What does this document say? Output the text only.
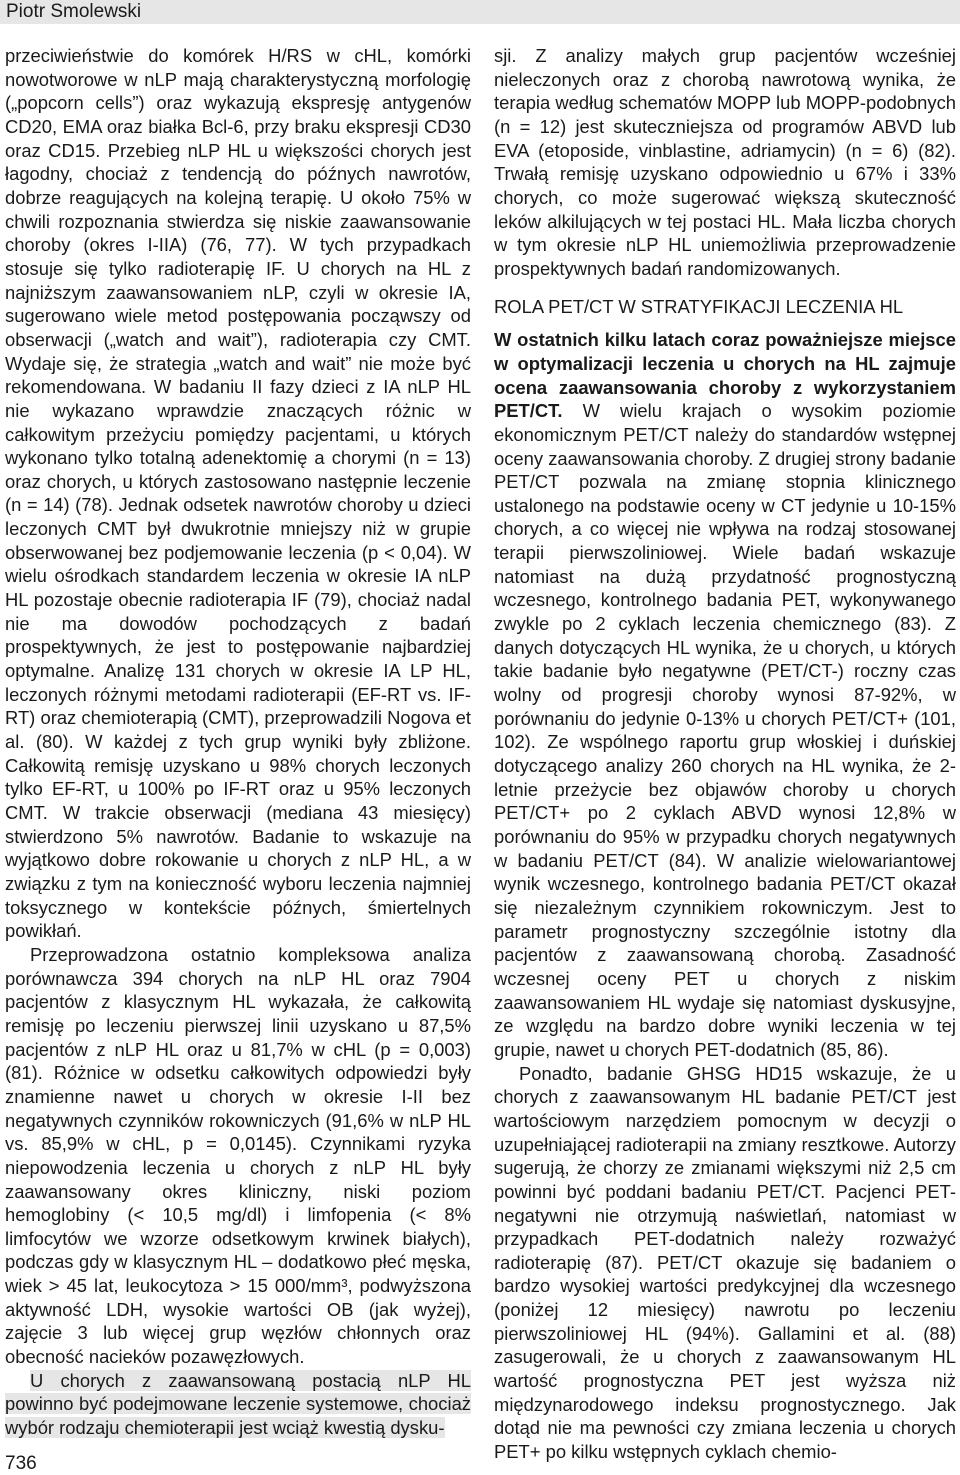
Piotr Smolewski

przeciwieństwie do komórek H/RS w cHL, komórki nowotworowe w nLP mają charakterystyczną morfologię („popcorn cells”) oraz wykazują ekspresję antygenów CD20, EMA oraz białka Bcl-6, przy braku ekspresji CD30 oraz CD15. Przebieg nLP HL u większości chorych jest łagodny, chociaż z tendencją do późnych nawrotów, dobrze reagujących na kolejną terapię. U około 75% w chwili rozpoznania stwierdza się niskie zaawansowanie choroby (okres I-IIA) (76, 77). W tych przypadkach stosuje się tylko radioterapię IF. U chorych na HL z najniższym zaawansowaniem nLP, czyli w okresie IA, sugerowano wiele metod postępowania począwszy od obserwacji („watch and wait”), radioterapia czy CMT. Wydaje się, że strategia „watch and wait” nie może być rekomendowana. W badaniu II fazy dzieci z IA nLP HL nie wykazano wprawdzie znaczących różnic w całkowitym przeżyciu pomiędzy pacjentami, u których wykonano tylko totalną adenektomię a chorymi (n = 13) oraz chorych, u których zastosowano następnie leczenie (n = 14) (78). Jednak odsetek nawrotów choroby u dzieci leczonych CMT był dwukrotnie mniejszy niż w grupie obserwowanej bez podjemowanie leczenia (p < 0,04). W wielu ośrodkach standardem leczenia w okresie IA nLP HL pozostaje obecnie radioterapia IF (79), chociaż nadal nie ma dowodów pochodzących z badań prospektywnych, że jest to postępowanie najbardziej optymalne. Analizę 131 chorych w okresie IA LP HL, leczonych różnymi metodami radioterapii (EF-RT vs. IF-RT) oraz chemioterapią (CMT), przeprowadzili Nogova et al. (80). W każdej z tych grup wyniki były zbliżone. Całkowitą remisję uzyskano u 98% chorych leczonych tylko EF-RT, u 100% po IF-RT oraz u 95% leczonych CMT. W trakcie obserwacji (mediana 43 miesięcy) stwierdzono 5% nawrotów. Badanie to wskazuje na wyjątkowo dobre rokowanie u chorych z nLP HL, a w związku z tym na konieczność wyboru leczenia najmniej toksycznego w kontekście późnych, śmiertelnych powikłań.

Przeprowadzona ostatnio kompleksowa analiza porównawcza 394 chorych na nLP HL oraz 7904 pacjentów z klasycznym HL wykazała, że całkowitą remisję po leczeniu pierwszej linii uzyskano u 87,5% pacjentów z nLP HL oraz u 81,7% w cHL (p = 0,003) (81). Różnice w odsetku całkowitych odpowiedzi były znamienne nawet u chorych w okresie I-II bez negatywnych czynników rokowniczych (91,6% w nLP HL vs. 85,9% w cHL, p = 0,0145). Czynnikami ryzyka niepowodzenia leczenia u chorych z nLP HL były zaawansowany okres kliniczny, niski poziom hemoglobiny (< 10,5 mg/dl) i limfopenia (< 8% limfocytów we wzorze odsetkowym krwinek białych), podczas gdy w klasycznym HL – dodatkowo płeć męska, wiek > 45 lat, leukocytoza > 15 000/mm³, podwyższona aktywność LDH, wysokie wartości OB (jak wyżej), zajęcie 3 lub więcej grup węzłów chłonnych oraz obecność nacieków pozawęzłowych.

U chorych z zaawansowaną postacią nLP HL powinno być podejmowane leczenie systemowe, chociaż wybór rodzaju chemioterapii jest wciąż kwestią dysku-

sji. Z analizy małych grup pacjentów wcześniej nieleczonych oraz z chorobą nawrotową wynika, że terapia według schematów MOPP lub MOPP-podobnych (n = 12) jest skuteczniejsza od programów ABVD lub EVA (etoposide, vinblastine, adriamycin) (n = 6) (82). Trwałą remisję uzyskano odpowiednio u 67% i 33% chorych, co może sugerować większą skuteczność leków alkilujących w tej postaci HL. Mała liczba chorych w tym okresie nLP HL uniemożliwia przeprowadzenie prospektywnych badań randomizowanych.

ROLA PET/CT W STRATYFIKACJI LECZENIA HL

W ostatnich kilku latach coraz poważniejsze miejsce w optymalizacji leczenia u chorych na HL zajmuje ocena zaawansowania choroby z wykorzystaniem PET/CT. W wielu krajach o wysokim poziomie ekonomicznym PET/CT należy do standardów wstępnej oceny zaawansowania choroby. Z drugiej strony badanie PET/CT pozwala na zmianę stopnia klinicznego ustalonego na podstawie oceny w CT jedynie u 10-15% chorych, a co więcej nie wpływa na rodzaj stosowanej terapii pierwszoliniowej. Wiele badań wskazuje natomiast na dużą przydatność prognostyczną wczesnego, kontrolnego badania PET, wykonywanego zwykle po 2 cyklach leczenia chemicznego (83). Z danych dotyczących HL wynika, że u chorych, u których takie badanie było negatywne (PET/CT-) roczny czas wolny od progresji choroby wynosi 87-92%, w porównaniu do jedynie 0-13% u chorych PET/CT+ (101, 102). Ze wspólnego raportu grup włoskiej i duńskiej dotyczącego analizy 260 chorych na HL wynika, że 2-letnie przeżycie bez objawów choroby u chorych PET/CT+ po 2 cyklach ABVD wynosi 12,8% w porównaniu do 95% w przypadku chorych negatywnych w badaniu PET/CT (84). W analizie wielowariantowej wynik wczesnego, kontrolnego badania PET/CT okazał się niezależnym czynnikiem rokowniczym. Jest to parametr prognostyczny szczególnie istotny dla pacjentów z zaawansowaną chorobą. Zasadność wczesnej oceny PET u chorych z niskim zaawansowaniem HL wydaje się natomiast dyskusyjne, ze względu na bardzo dobre wyniki leczenia w tej grupie, nawet u chorych PET-dodatnich (85, 86).

Ponadto, badanie GHSG HD15 wskazuje, że u chorych z zaawansowanym HL badanie PET/CT jest wartościowym narzędziem pomocnym w decyzji o uzupełniającej radioterapii na zmiany resztkowe. Autorzy sugerują, że chorzy ze zmianami większymi niż 2,5 cm powinni być poddani badaniu PET/CT. Pacjenci PET-negatywni nie otrzymują naświetlań, natomiast w przypadkach PET-dodatnich należy rozważyć radioterapię (87). PET/CT okazuje się badaniem o bardzo wysokiej wartości predykcyjnej dla wczesnego (poniżej 12 miesięcy) nawrotu po leczeniu pierwszoliniowej HL (94%). Gallamini et al. (88) zasugerowali, że u chorych z zaawansowanym HL wartość prognostyczna PET jest wyższa niż międzynarodowego indeksu prognostycznego. Jak dotąd nie ma pewności czy zmiana leczenia u chorych PET+ po kilku wstępnych cyklach chemio-

736
